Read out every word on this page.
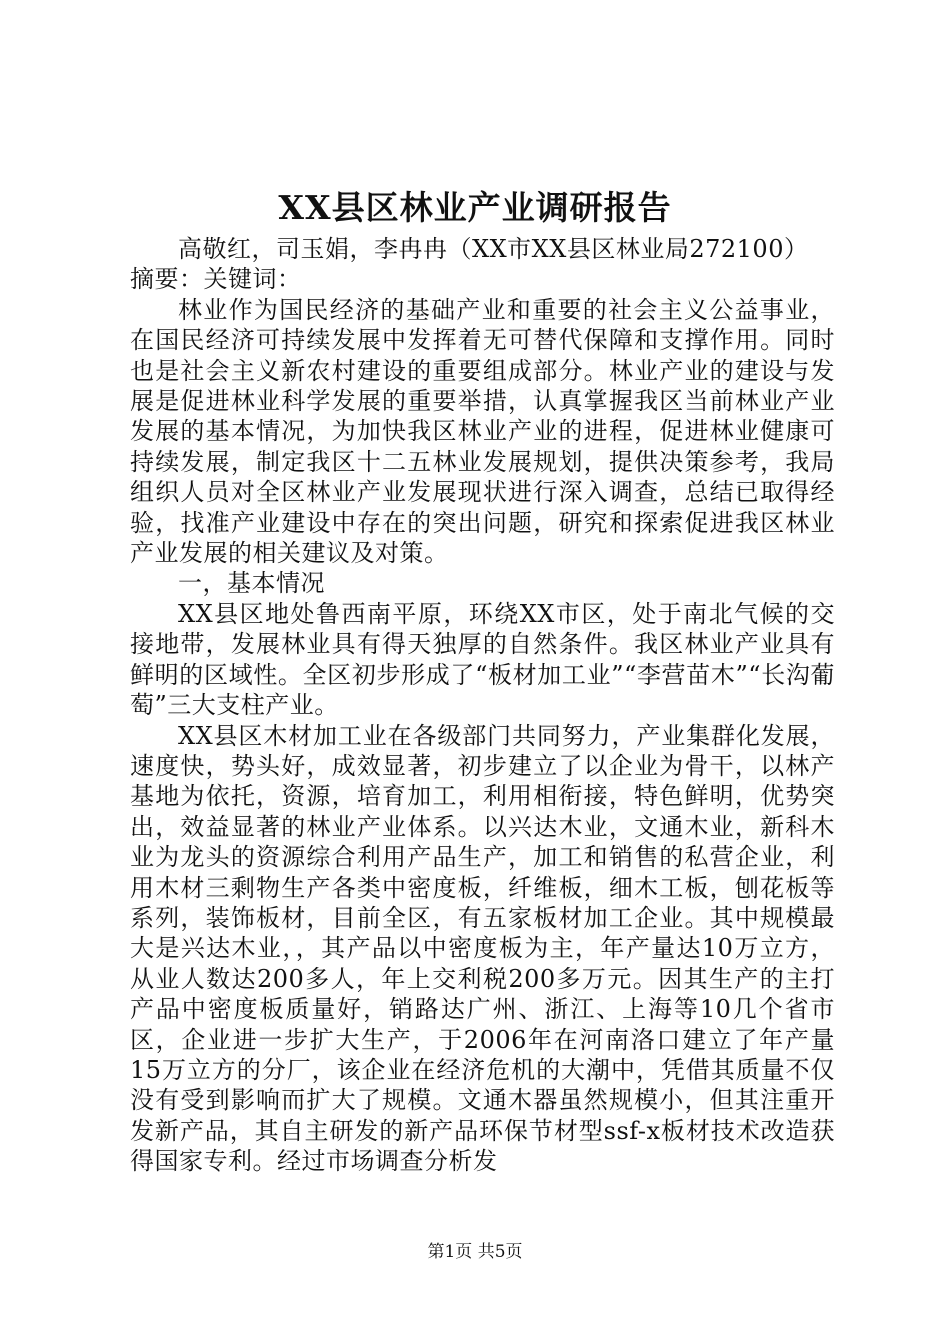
XX县区林业产业调研报告

高敬红，司玉娟，李冉冉（XX市XX县区林业局272100）

摘要：关键词：

林业作为国民经济的基础产业和重要的社会主义公益事业，在国民经济可持续发展中发挥着无可替代保障和支撑作用。同时也是社会主义新农村建设的重要组成部分。林业产业的建设与发展是促进林业科学发展的重要举措，认真掌握我区当前林业产业发展的基本情况，为加快我区林业产业的进程，促进林业健康可持续发展，制定我区十二五林业发展规划，提供决策参考，我局组织人员对全区林业产业发展现状进行深入调查，总结已取得经验，找准产业建设中存在的突出问题，研究和探索促进我区林业产业发展的相关建议及对策。

一，基本情况

XX县区地处鲁西南平原，环绕XX市区，处于南北气候的交接地带，发展林业具有得天独厚的自然条件。我区林业产业具有鲜明的区域性。全区初步形成了“板材加工业”“李营苗木”“长沟葡萄”三大支柱产业。

XX县区木材加工业在各级部门共同努力，产业集群化发展，速度快，势头好，成效显著，初步建立了以企业为骨干，以林产基地为依托，资源，培育加工，利用相衔接，特色鲜明，优势突出，效益显著的林业产业体系。以兴达木业，文通木业，新科木业为龙头的资源综合利用产品生产，加工和销售的私营企业，利用木材三剩物生产各类中密度板，纤维板，细木工板，刨花板等系列，装饰板材，目前全区，有五家板材加工企业。其中规模最大是兴达木业，，其产品以中密度板为主，年产量达10万立方，从业人数达200多人，年上交利税200多万元。因其生产的主打产品中密度板质量好，销路达广州、浙江、上海等10几个省市区，企业进一步扩大生产，于2006年在河南洛口建立了年产量15万立方的分厂，该企业在经济危机的大潮中，凭借其质量不仅没有受到影响而扩大了规模。文通木器虽然规模小，但其注重开发新产品，其自主研发的新产品环保节材型ssf-x板材技术改造获得国家专利。经过市场调查分析发

第1页 共5页
